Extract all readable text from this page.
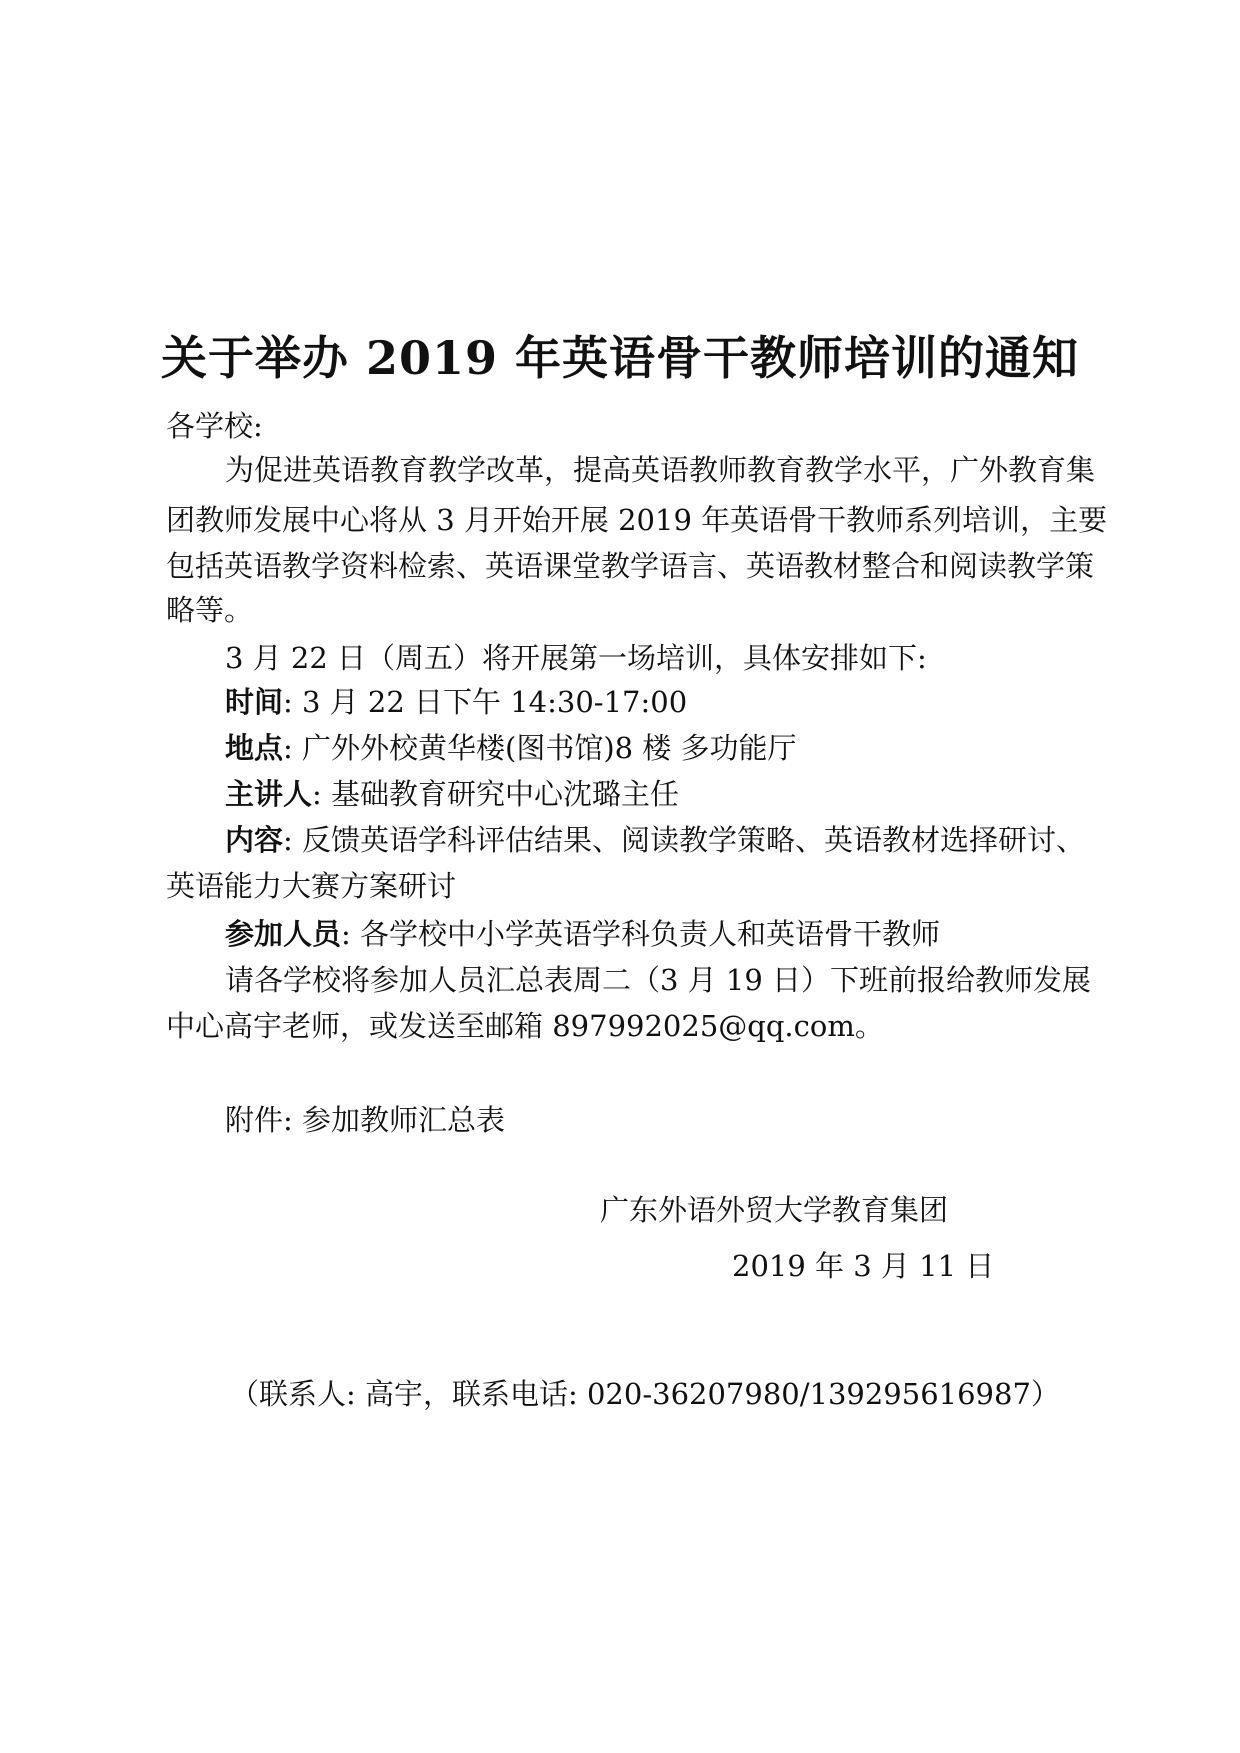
关于举办 2019 年英语骨干教师培训的通知
各学校:
为促进英语教育教学改革，提高英语教师教育教学水平，广外教育集
团教师发展中心将从 3 月开始开展 2019 年英语骨干教师系列培训，主要
包括英语教学资料检索、英语课堂教学语言、英语教材整合和阅读教学策
略等。
3 月 22 日（周五）将开展第一场培训，具体安排如下:
时间: 3 月 22 日下午 14:30-17:00
地点: 广外外校黄华楼(图书馆)8 楼 多功能厅
主讲人: 基础教育研究中心沈璐主任
内容: 反馈英语学科评估结果、阅读教学策略、英语教材选择研讨、
英语能力大赛方案研讨
参加人员: 各学校中小学英语学科负责人和英语骨干教师
请各学校将参加人员汇总表周二（3 月 19 日）下班前报给教师发展
中心高宇老师，或发送至邮箱 897992025@qq.com。
附件: 参加教师汇总表
广东外语外贸大学教育集团
2019 年 3 月 11 日
（联系人: 高宇，联系电话: 020-36207980/13929561698​7）
